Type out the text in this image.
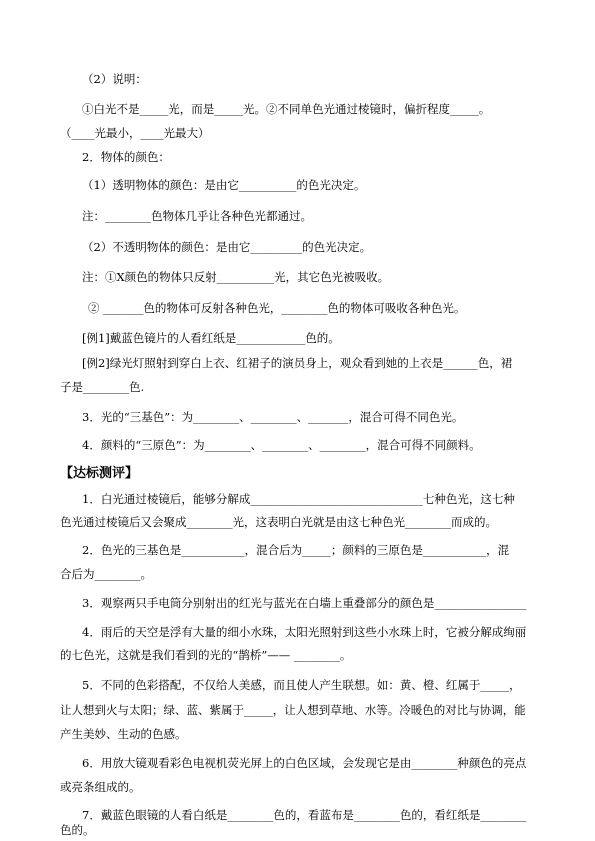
（2）说明：
①白光不是_____光，而是_____光。②不同单色光通过棱镜时，偏折程度_____。
（____光最小，____光最大）
2．物体的颜色：
（1）透明物体的颜色：是由它__________的色光决定。
注：________色物体几乎让各种色光都通过。
（2）不透明物体的颜色：是由它_________的色光决定。
注：①X颜色的物体只反射__________光，其它色光被吸收。
② _______色的物体可反射各种色光，________色的物体可吸收各种色光。
[例1]戴蓝色镜片的人看红纸是____________色的。
[例2]绿光灯照射到穿白上衣、红裙子的演员身上，观众看到她的上衣是______色，裙
子是________色.
3．光的“三基色”：为________、________、_______，混合可得不同色光。
4．颜料的“三原色”：为________、________、________，混合可得不同颜料。
【达标测评】
1．白光通过棱镜后，能够分解成______________________________七种色光，这七种
色光通过棱镜后又会聚成________光，这表明白光就是由这七种色光________而成的。
2．色光的三基色是___________，混合后为_____；颜料的三原色是___________，混
合后为________。
3．观察两只手电筒分别射出的红光与蓝光在白墙上重叠部分的颜色是________________
4．雨后的天空是浮有大量的细小水珠，太阳光照射到这些小水珠上时，它被分解成绚丽
的七色光，这就是我们看到的光的“鹊桥”—— ________。
5．不同的色彩搭配，不仅给人美感，而且使人产生联想。如：黄、橙、红属于_____，
让人想到火与太阳；绿、蓝、紫属于_____，让人想到草地、水等。冷暖色的对比与协调，能
产生美妙、生动的色感。
6．用放大镜观看彩色电视机荧光屏上的白色区域，会发现它是由________种颜色的亮点
或亮条组成的。
7．戴蓝色眼镜的人看白纸是________色的，看蓝布是________色的，看红纸是________
色的。
